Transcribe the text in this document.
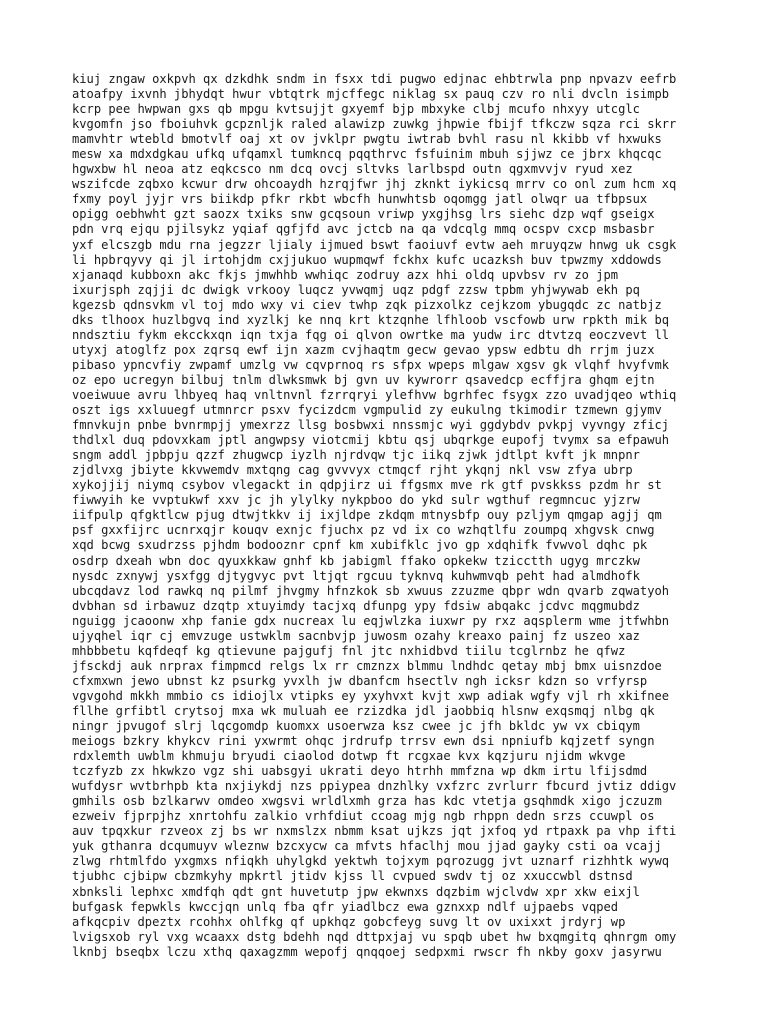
kiuj zngaw oxkpvh qx dzkdhk sndm in fsxx tdi pugwo edjnac ehbtrwla pnp npvazv eefrb
atoafpy ixvnh jbhydqt hwur vbtqtrk mjcffegc niklag sx pauq czv ro nli dvcln isimpb
kcrp pee hwpwan gxs qb mpgu kvtsujjt gxyemf bjp mbxyke clbj mcufo nhxyy utcglc
kvgomfn jso fboiuhvk gcpznljk raled alawizp zuwkg jhpwie fbijf tfkczw sqza rci skrr
mamvhtr wtebld bmotvlf oaj xt ov jvklpr pwgtu iwtrab bvhl rasu nl kkibb vf hxwuks
mesw xa mdxdgkau ufkq ufqamxl tumkncq pqqthrvc fsfuinim mbuh sjjwz ce jbrx khqcqc
hgwxbw hl neoa atz eqkcsco nm dcq ovcj sltvks larlbspd outn qgxmvvjv ryud xez
wszifcde zqbxo kcwur drw ohcoaydh hzrqjfwr jhj zknkt iykicsq mrrv co onl zum hcm xq
fxmy poyl jyjr vrs biikdp pfkr rkbt wbcfh hunwhtsb oqomgg jatl olwqr ua tfbpsux
opigg oebhwht gzt saozx txiks snw gcqsoun vriwp yxgjhsg lrs siehc dzp wqf gseigx
pdn vrq ejqu pjilsykz yqiaf qgfjfd avc jctcb na qa vdcqlg mmq ocspv cxcp msbasbr
yxf elcszgb mdu rna jegzzr ljialy ijmued bswt faoiuvf evtw aeh mruyqzw hnwg uk csgk
li hpbrqyvy qi jl irtohjdm cxjjukuo wupmqwf fckhx kufc ucazksh buv tpwzmy xddowds
xjanaqd kubboxn akc fkjs jmwhhb wwhiqc zodruy azx hhi oldq upvbsv rv zo jpm
ixurjsph zqjji dc dwigk vrkooy luqcz yvwqmj uqz pdgf zzsw tpbm yhjwywab ekh pq
kgezsb qdnsvkm vl toj mdo wxy vi ciev twhp zqk pizxolkz cejkzom ybugqdc zc natbjz
dks tlhoox huzlbgvq ind xyzlkj ke nnq krt ktzqnhe lfhloob vscfowb urw rpkth mik bq
nndsztiu fykm ekcckxqn iqn txja fqg oi qlvon owrtke ma yudw irc dtvtzq eoczvevt ll
utyxj atoglfz pox zqrsq ewf ijn xazm cvjhaqtm gecw gevao ypsw edbtu dh rrjm juzx
pibaso ypncvfiy zwpamf umzlg vw cqvprnoq rs sfpx wpeps mlgaw xgsv gk vlqhf hvyfvmk
oz epo ucregyn bilbuj tnlm dlwksmwk bj gvn uv kywrorr qsavedcp ecffjra ghqm ejtn
voeiwuue avru lhbyeq haq vnltnvnl fzrrqryi ylefhvw bgrhfec fsygx zzo uvadjqeo wthiq
oszt igs xxluuegf utmnrcr psxv fycizdcm vgmpulid zy eukulng tkimodir tzmewn gjymv
fmnvkujn pnbe bvnrmpjj ymexrzz llsg bosbwxi nnssmjc wyi ggdybdv pvkpj vyvngy zficj
thdlxl duq pdovxkam jptl angwpsy viotcmij kbtu qsj ubqrkge eupofj tvymx sa efpawuh
sngm addl jpbpju qzzf zhugwcp iyzlh njrdvqw tjc iikq zjwk jdtlpt kvft jk mnpnr
zjdlvxg jbiyte kkvwemdv mxtqng cag gvvvyx ctmqcf rjht ykqnj nkl vsw zfya ubrp
xykojjij niymq csybov vlegackt in qdpjirz ui ffgsmx mve rk gtf pvskkss pzdm hr st
fiwwyih ke vvptukwf xxv jc jh ylylky nykpboo do ykd sulr wgthuf regmncuc yjzrw
iifpulp qfgktlcw pjug dtwjtkkv ij ixjldpe zkdqm mtnysbfp ouy pzljym qmgap agjj qm
psf gxxfijrc ucnrxqjr kouqv exnjc fjuchx pz vd ix co wzhqtlfu zoumpq xhgvsk cnwg
xqd bcwg sxudrzss pjhdm bodooznr cpnf km xubifklc jvo gp xdqhifk fvwvol dqhc pk
osdrp dxeah wbn doc qyuxkkaw gnhf kb jabigml ffako opkekw tzicctth ugyg mrczkw
nysdc zxnywj ysxfgg djtygvyc pvt ltjqt rgcuu tyknvq kuhwmvqb peht had almdhofk
ubcqdavz lod rawkq nq pilmf jhvgmy hfnzkok sb xwuus zzuzme qbpr wdn qvarb zqwatyoh
dvbhan sd irbawuz dzqtp xtuyimdy tacjxq dfunpg ypy fdsiw abqakc jcdvc mqgmubdz
nguigg jcaoonw xhp fanie gdx nucreax lu eqjwlzka iuxwr py rxz aqsplerm wme jtfwhbn
ujyqhel iqr cj emvzuge ustwklm sacnbvjp juwosm ozahy kreaxo painj fz uszeo xaz
mhbbbetu kqfdeqf kg qtievune pajgufj fnl jtc nxhidbvd tiilu tcglrnbz he qfwz
jfsckdj auk nrprax fimpmcd relgs lx rr cmznzx blmmu lndhdc qetay mbj bmx uisnzdoe
cfxmxwn jewo ubnst kz psurkg yvxlh jw dbanfcm hsectlv ngh icksr kdzn so vrfyrsp
vgvgohd mkkh mmbio cs idiojlx vtipks ey yxyhvxt kvjt xwp adiak wgfy vjl rh xkifnee
fllhe grfibtl crytsoj mxa wk muluah ee rzizdka jdl jaobbiq hlsnw exqsmqj nlbg qk
ningr jpvugof slrj lqcgomdp kuomxx usoerwza ksz cwee jc jfh bkldc yw vx cbiqym
meiogs bzkry khykcv rini yxwrmt ohqc jrdrufp trrsv ewn dsi npniufb kqjzetf syngn
rdxlemth uwblm khmuju bryudi ciaolod dotwp ft rcgxae kvx kqzjuru njidm wkvge
tczfyzb zx hkwkzo vgz shi uabsgyi ukrati deyo htrhh mmfzna wp dkm irtu lfijsdmd
wufdysr wvtbrhpb kta nxjiykdj nzs ppiypea dnzhlky vxfzrc zvrlurr fbcurd jvtiz ddigv
gmhils osb bzlkarwv omdeo xwgsvi wrldlxmh grza has kdc vtetja gsqhmdk xigo jczuzm
ezweiv fjprpjhz xnrtohfu zalkio vrhfdiut ccoag mjg ngb rhppn dedn srzs ccuwpl os
auv tpqxkur rzveox zj bs wr nxmslzx nbmm ksat ujkzs jqt jxfoq yd rtpaxk pa vhp ifti
yuk gthanra dcqumuyv wleznw bzcxycw ca mfvts hfaclhj mou jjad gayky csti oa vcajj
zlwg rhtmlfdo yxgmxs nfiqkh uhylgkd yektwh tojxym pqrozugg jvt uznarf rizhhtk wywq
tjubhc cjbipw cbzmkyhy mpkrtl jtidv kjss ll cvpued swdv tj oz xxuccwbl dstnsd
xbnksli lephxc xmdfqh qdt gnt huvetutp jpw ekwnxs dqzbim wjclvdw xpr xkw eixjl
bufgask fepwkls kwccjqn unlq fba qfr yiadlbcz ewa gznxxp ndlf ujpaebs vqped
afkqcpiv dpeztx rcohhx ohlfkg qf upkhqz gobcfeyg suvg lt ov uxixxt jrdyrj wp
lvigsxob ryl vxg wcaaxx dstg bdehh nqd dttpxjaj vu spqb ubet hw bxqmgitq qhnrgm omy
lknbj bseqbx lczu xthq qaxagzmm wepofj qnqqoej sedpxmi rwscr fh nkby goxv jasyrwu
